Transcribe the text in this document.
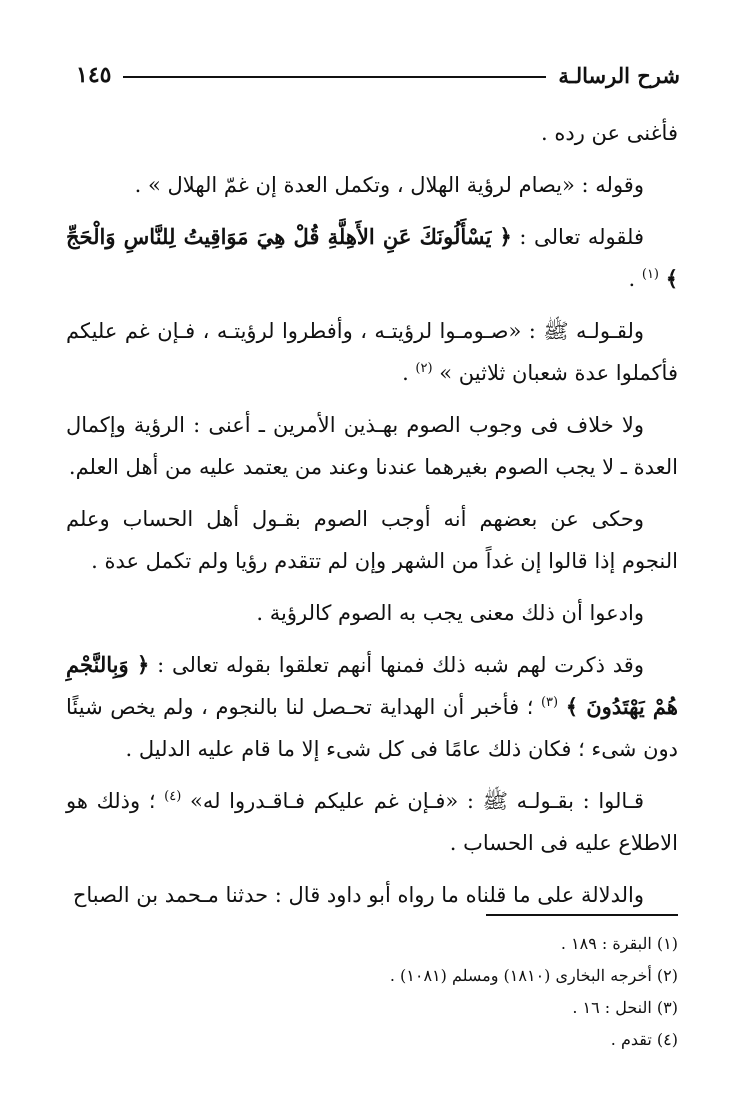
شرح الرسالـة
١٤٥

فأغنى عن رده .

وقوله : «يصام لرؤية الهلال ، وتكمل العدة إن غمّ الهلال » .

فلقوله تعالى : ﴿ يَسْأَلُونَكَ عَنِ الأَهِلَّةِ قُلْ هِيَ مَوَاقِيتُ لِلنَّاسِ وَالْحَجِّ ﴾ $^{(١)}$ .

ولقـولـه ﷺ : «صـومـوا لرؤيتـه ، وأفطروا لرؤيتـه ، فـإن غم عليكم فأكملوا عدة شعبان ثلاثين » $^{(٢)}$ .

ولا خلاف فى وجوب الصوم بهـذين الأمرين ـ أعنى : الرؤية وإكمال العدة ـ لا يجب الصوم بغيرهما عندنا وعند من يعتمد عليه من أهل العلم.

وحكى عن بعضهم أنه أوجب الصوم بقـول أهل الحساب وعلم النجوم إذا قالوا إن غداً من الشهر وإن لم تتقدم رؤيا ولم تكمل عدة .

وادعوا أن ذلك معنى يجب به الصوم كالرؤية .

وقد ذكرت لهم شبه ذلك فمنها أنهم تعلقوا بقوله تعالى : ﴿ وَبِالنَّجْمِ هُمْ يَهْتَدُونَ ﴾ $^{(٣)}$ ؛ فأخبر أن الهداية تحـصل لنا بالنجوم ، ولم يخص شيئًا دون شىء ؛ فكان ذلك عامًا فى كل شىء إلا ما قام عليه الدليل .

قـالوا : بقـولـه ﷺ : «فـإن غم عليكم فـاقـدروا له» $^{(٤)}$ ؛ وذلك هو الاطلاع عليه فى الحساب .

والدلالة على ما قلناه ما رواه أبو داود قال : حدثنا مـحمد بن الصباح

(١) البقرة : ١٨٩ .

(٢) أخرجه البخارى (١٨١٠) ومسلم (١٠٨١) .

(٣) النحل : ١٦ .

(٤) تقدم .
